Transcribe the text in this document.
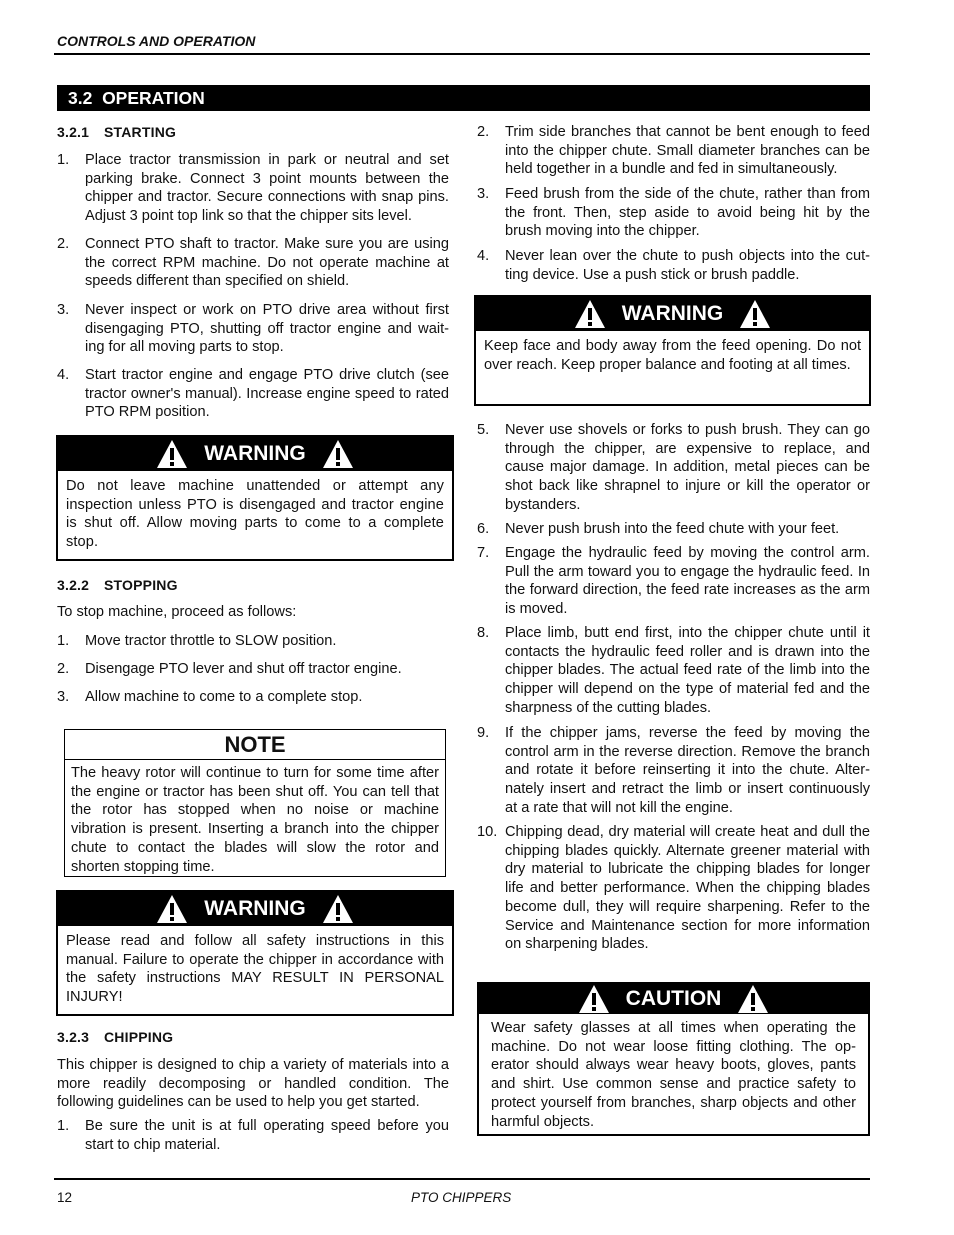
CONTROLS AND OPERATION
3.2 OPERATION
3.2.1 STARTING
1.	Place tractor transmission in park or neutral and set parking brake. Connect 3 point mounts between the chipper and tractor. Secure connections with snap pins. Adjust 3 point top link so that the chipper sits level.
2.	Connect PTO shaft to tractor. Make sure you are using the correct RPM machine. Do not operate machine at speeds different than specified on shield.
3.	Never inspect or work on PTO drive area without first disengaging PTO, shutting off tractor engine and wait- ing for all moving parts to stop.
4.	Start tractor engine and engage PTO drive clutch (see tractor owner's manual). Increase engine speed to rated PTO RPM position.
WARNING
Do not leave machine unattended or attempt any inspection unless PTO is disengaged and tractor engine is shut off. Allow moving parts to come to a complete stop.
3.2.2 STOPPING
To stop machine, proceed as follows:
1.	Move tractor throttle to SLOW position.
2.	Disengage PTO lever and shut off tractor engine.
3.	Allow machine to come to a complete stop.
NOTE
The heavy rotor will continue to turn for some time after the engine or tractor has been shut off. You can tell that the rotor has stopped when no noise or machine vibration is present. Inserting a branch into the chipper chute to contact the blades will slow the rotor and shorten stopping time.
WARNING
Please read and follow all safety instructions in this manual. Failure to operate the chipper in accordance with the safety instructions MAY RESULT IN PERSONAL INJURY!
3.2.3 CHIPPING
This chipper is designed to chip a variety of materials into a more readily decomposing or handled condition. The following guidelines can be used to help you get started.
1.	Be sure the unit is at full operating speed before you start to chip material.
2.	Trim side branches that cannot be bent enough to feed into the chipper chute. Small diameter branches can be held together in a bundle and fed in simultaneously.
3.	Feed brush from the side of the chute, rather than from the front. Then, step aside to avoid being hit by the brush moving into the chipper.
4.	Never lean over the chute to push objects into the cut- ting device. Use a push stick or brush paddle.
WARNING
Keep face and body away from the feed opening. Do not over reach. Keep proper balance and footing at all times.
5.	Never use shovels or forks to push brush. They can go through the chipper, are expensive to replace, and cause major damage. In addition, metal pieces can be shot back like shrapnel to injure or kill the operator or bystanders.
6.	Never push brush into the feed chute with your feet.
7.	Engage the hydraulic feed by moving the control arm. Pull the arm toward you to engage the hydraulic feed. In the forward direction, the feed rate increases as the arm is moved.
8.	Place limb, butt end first, into the chipper chute until it contacts the hydraulic feed roller and is drawn into the chipper blades. The actual feed rate of the limb into the chipper will depend on the type of material fed and the sharpness of the cutting blades.
9.	If the chipper jams, reverse the feed by moving the control arm in the reverse direction. Remove the branch and rotate it before reinserting it into the chute. Alter- nately insert and retract the limb or insert continuously at a rate that will not kill the engine.
10. Chipping dead, dry material will create heat and dull the chipping blades quickly. Alternate greener material with dry material to lubricate the chipping blades for longer life and better performance. When the chipping blades become dull, they will require sharpening. Refer to the Service and Maintenance section for more information on sharpening blades.
CAUTION
Wear safety glasses at all times when operating the machine. Do not wear loose fitting clothing. The op- erator should always wear heavy boots, gloves, pants and shirt. Use common sense and practice safety to protect yourself from branches, sharp objects and other harmful objects.
12	PTO CHIPPERS
